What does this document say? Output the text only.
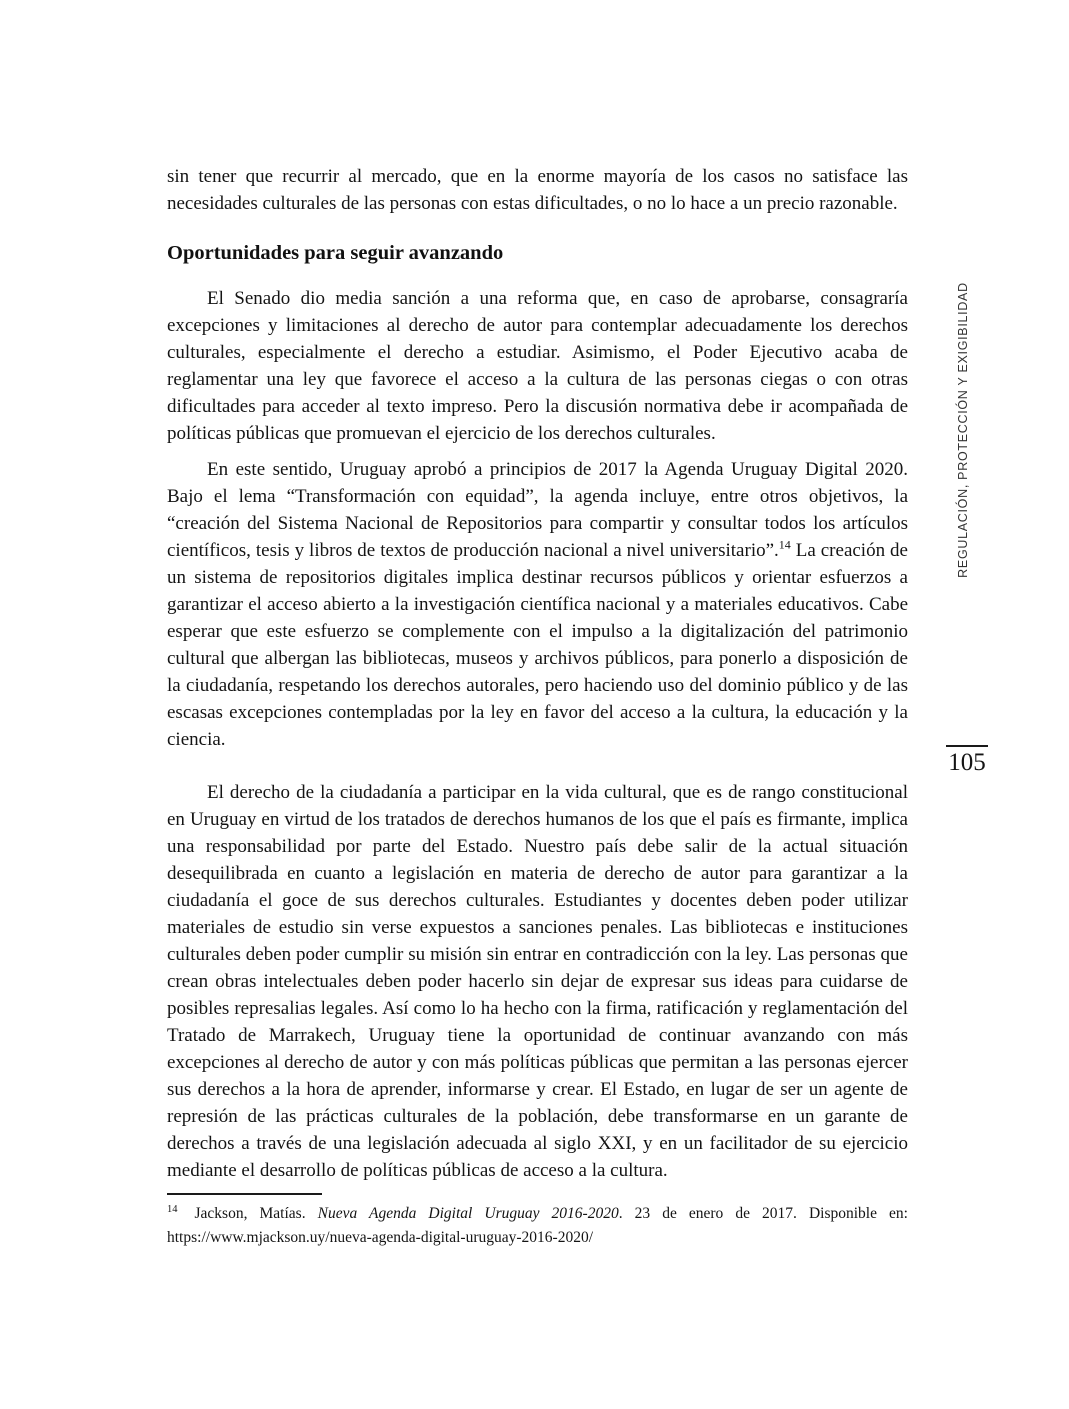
sin tener que recurrir al mercado, que en la enorme mayoría de los casos no satisface las necesidades culturales de las personas con estas dificultades, o no lo hace a un precio razonable.

Oportunidades para seguir avanzando

El Senado dio media sanción a una reforma que, en caso de aprobarse, consagraría excepciones y limitaciones al derecho de autor para contemplar adecuadamente los derechos culturales, especialmente el derecho a estudiar. Asimismo, el Poder Ejecutivo acaba de reglamentar una ley que favorece el acceso a la cultura de las personas ciegas o con otras dificultades para acceder al texto impreso. Pero la discusión normativa debe ir acompañada de políticas públicas que promuevan el ejercicio de los derechos culturales.

En este sentido, Uruguay aprobó a principios de 2017 la Agenda Uruguay Digital 2020. Bajo el lema “Transformación con equidad”, la agenda incluye, entre otros objetivos, la “creación del Sistema Nacional de Repositorios para compartir y consultar todos los artículos científicos, tesis y libros de textos de producción nacional a nivel universitario”.$^{14}$ La creación de un sistema de repositorios digitales implica destinar recursos públicos y orientar esfuerzos a garantizar el acceso abierto a la investigación científica nacional y a materiales educativos. Cabe esperar que este esfuerzo se complemente con el impulso a la digitalización del patrimonio cultural que albergan las bibliotecas, museos y archivos públicos, para ponerlo a disposición de la ciudadanía, respetando los derechos autorales, pero haciendo uso del dominio público y de las escasas excepciones contempladas por la ley en favor del acceso a la cultura, la educación y la ciencia.

El derecho de la ciudadanía a participar en la vida cultural, que es de rango constitucional en Uruguay en virtud de los tratados de derechos humanos de los que el país es firmante, implica una responsabilidad por parte del Estado. Nuestro país debe salir de la actual situación desequilibrada en cuanto a legislación en materia de derecho de autor para garantizar a la ciudadanía el goce de sus derechos culturales. Estudiantes y docentes deben poder utilizar materiales de estudio sin verse expuestos a sanciones penales. Las bibliotecas e instituciones culturales deben poder cumplir su misión sin entrar en contradicción con la ley. Las personas que crean obras intelectuales deben poder hacerlo sin dejar de expresar sus ideas para cuidarse de posibles represalias legales. Así como lo ha hecho con la firma, ratificación y reglamentación del Tratado de Marrakech, Uruguay tiene la oportunidad de continuar avanzando con más excepciones al derecho de autor y con más políticas públicas que permitan a las personas ejercer sus derechos a la hora de aprender, informarse y crear. El Estado, en lugar de ser un agente de represión de las prácticas culturales de la población, debe transformarse en un garante de derechos a través de una legislación adecuada al siglo XXI, y en un facilitador de su ejercicio mediante el desarrollo de políticas públicas de acceso a la cultura.

$^{14}$ Jackson, Matías. Nueva Agenda Digital Uruguay 2016-2020. 23 de enero de 2017. Disponible en: https://www.mjackson.uy/nueva-agenda-digital-uruguay-2016-2020/

REGULACIÓN, PROTECCIÓN Y EXIGIBILIDAD
105
